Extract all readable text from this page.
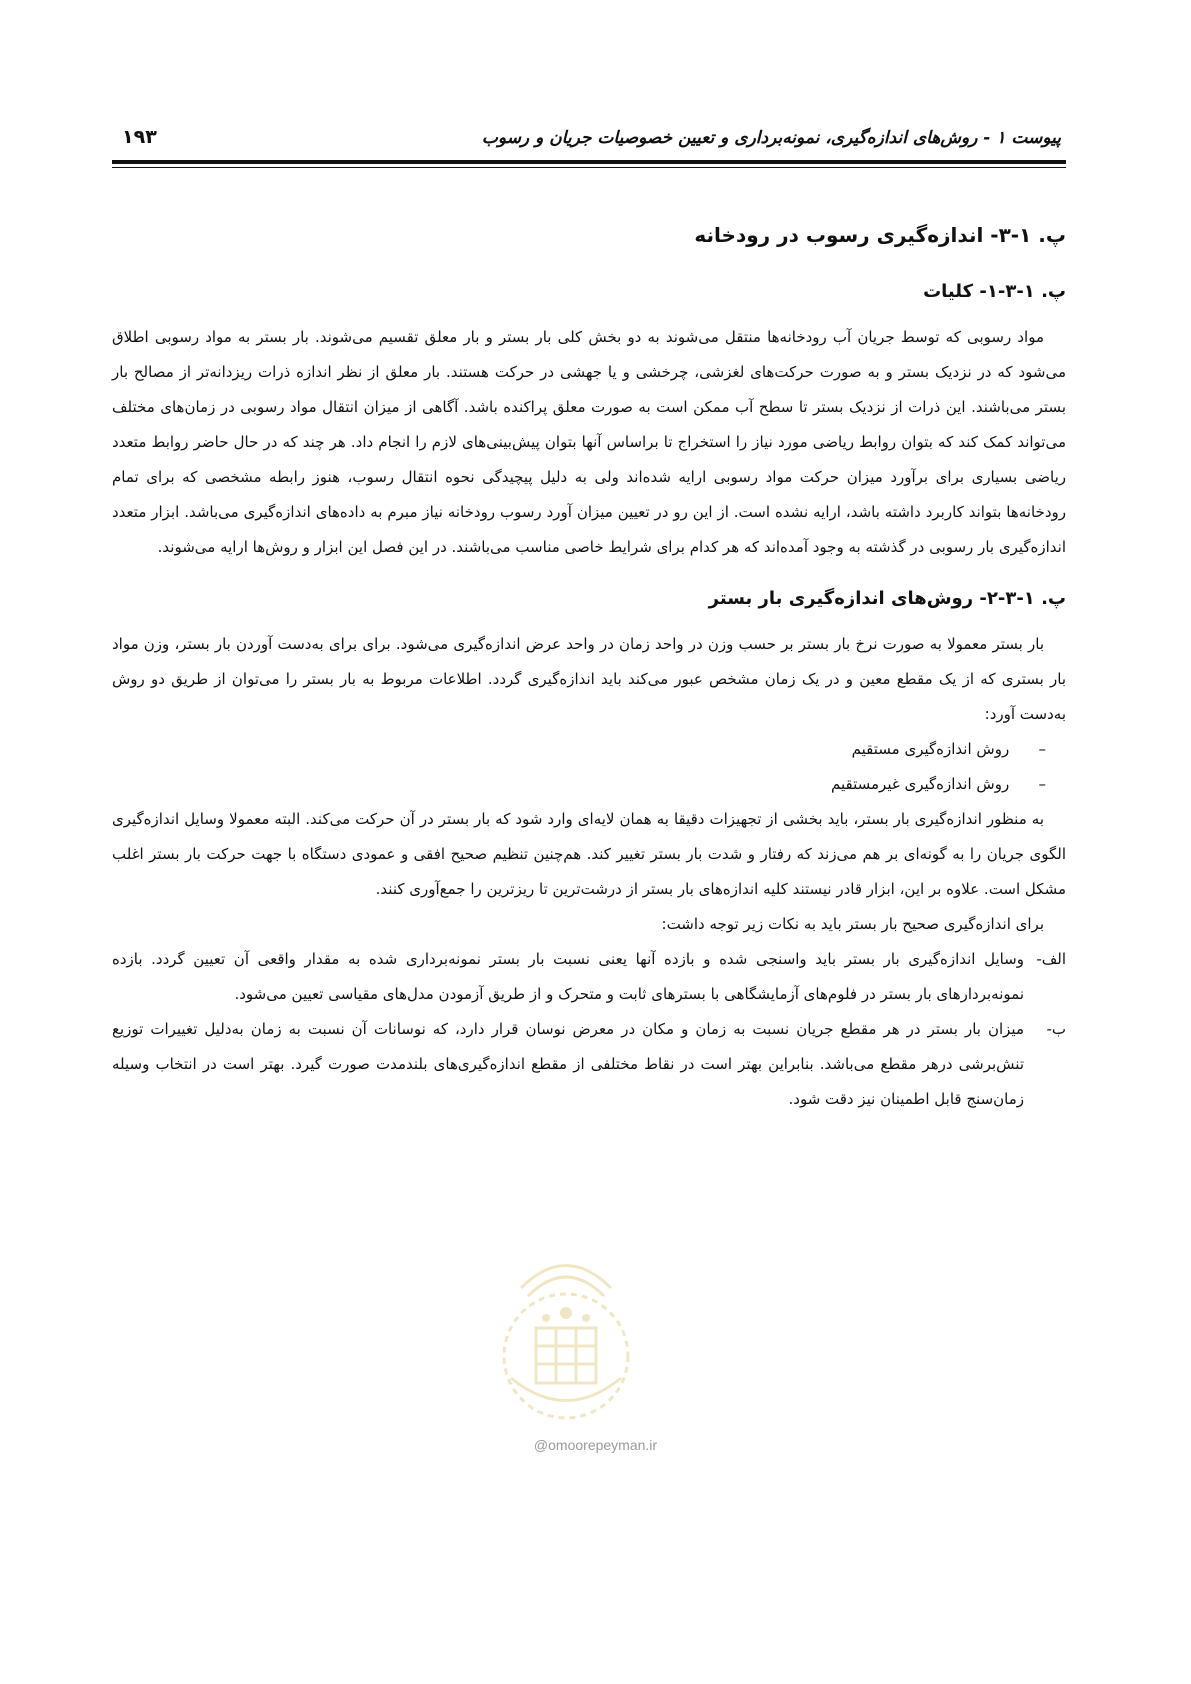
پیوست ۱ - روش‌های اندازه‌گیری، نمونه‌برداری و تعیین خصوصیات جریان و رسوب
۱۹۳
پ. ۱-۳- اندازه‌گیری رسوب در رودخانه
پ. ۱-۳-۱- کلیات

مواد رسوبی که توسط جریان آب رودخانه‌ها منتقل می‌شوند به دو بخش کلی بار بستر و بار معلق تقسیم می‌شوند. بار بستر به مواد رسوبی اطلاق می‌شود که در نزدیک بستر و به صورت حرکت‌های لغزشی، چرخشی و یا جهشی در حرکت هستند. بار معلق از نظر اندازه ذرات ریزدانه‌تر از مصالح بار بستر می‌باشند. این ذرات از نزدیک بستر تا سطح آب ممکن است به صورت معلق پراکنده باشد. آگاهی از میزان انتقال مواد رسوبی در زمان‌های مختلف می‌تواند کمک کند که بتوان روابط ریاضی مورد نیاز را استخراج تا براساس آنها بتوان پیش‌بینی‌های لازم را انجام داد. هر چند که در حال حاضر روابط متعدد ریاضی بسیاری برای برآورد میزان حرکت مواد رسوبی ارایه شده‌اند ولی به دلیل پیچیدگی نحوه انتقال رسوب، هنوز رابطه مشخصی که برای تمام رودخانه‌ها بتواند کاربرد داشته باشد، ارایه نشده است. از این رو در تعیین میزان آورد رسوب رودخانه نیاز مبرم به داده‌های اندازه‌گیری می‌باشد. ابزار متعدد اندازه‌گیری بار رسوبی در گذشته به وجود آمده‌اند که هر کدام برای شرایط خاصی مناسب می‌باشند. در این فصل این ابزار و روش‌ها ارایه می‌شوند.

پ. ۱-۳-۲- روش‌های اندازه‌گیری بار بستر

بار بستر معمولا به صورت نرخ بار بستر بر حسب وزن در واحد زمان در واحد عرض اندازه‌گیری می‌شود. برای برای به‌دست آوردن بار بستر، وزن مواد بار بستری که از یک مقطع معین و در یک زمان مشخص عبور می‌کند باید اندازه‌گیری گردد. اطلاعات مربوط به بار بستر را می‌توان از طریق دو روش به‌دست آورد:

– روش اندازه‌گیری مستقیم
– روش اندازه‌گیری غیرمستقیم

به منظور اندازه‌گیری بار بستر، باید بخشی از تجهیزات دقیقا به همان لایه‌ای وارد شود که بار بستر در آن حرکت می‌کند. البته معمولا وسایل اندازه‌گیری الگوی جریان را به گونه‌ای بر هم می‌زند که رفتار و شدت بار بستر تغییر کند. هم‌چنین تنظیم صحیح افقی و عمودی دستگاه با جهت حرکت بار بستر اغلب مشکل است. علاوه بر این، ابزار قادر نیستند کلیه اندازه‌های بار بستر از درشت‌ترین تا ریزترین را جمع‌آوری کنند.

برای اندازه‌گیری صحیح بار بستر باید به نکات زیر توجه داشت:

الف-
وسایل اندازه‌گیری بار بستر باید واسنجی شده و بازده آنها یعنی نسبت بار بستر نمونه‌برداری شده به مقدار واقعی آن تعیین گردد. بازده نمونه‌بردارهای بار بستر در فلوم‌های آزمایشگاهی با بسترهای ثابت و متحرک و از طریق آزمودن مدل‌های مقیاسی تعیین می‌شود.
ب-
میزان بار بستر در هر مقطع جریان نسبت به زمان و مکان در معرض نوسان قرار دارد، که نوسانات آن نسبت به زمان به‌دلیل تغییرات توزیع تنش‌برشی درهر مقطع می‌باشد. بنابراین بهتر است در نقاط مختلفی از مقطع اندازه‌گیری‌های بلندمدت صورت گیرد. بهتر است در انتخاب وسیله زمان‌سنج قابل اطمینان نیز دقت شود.
@omoorepeyman.ir
